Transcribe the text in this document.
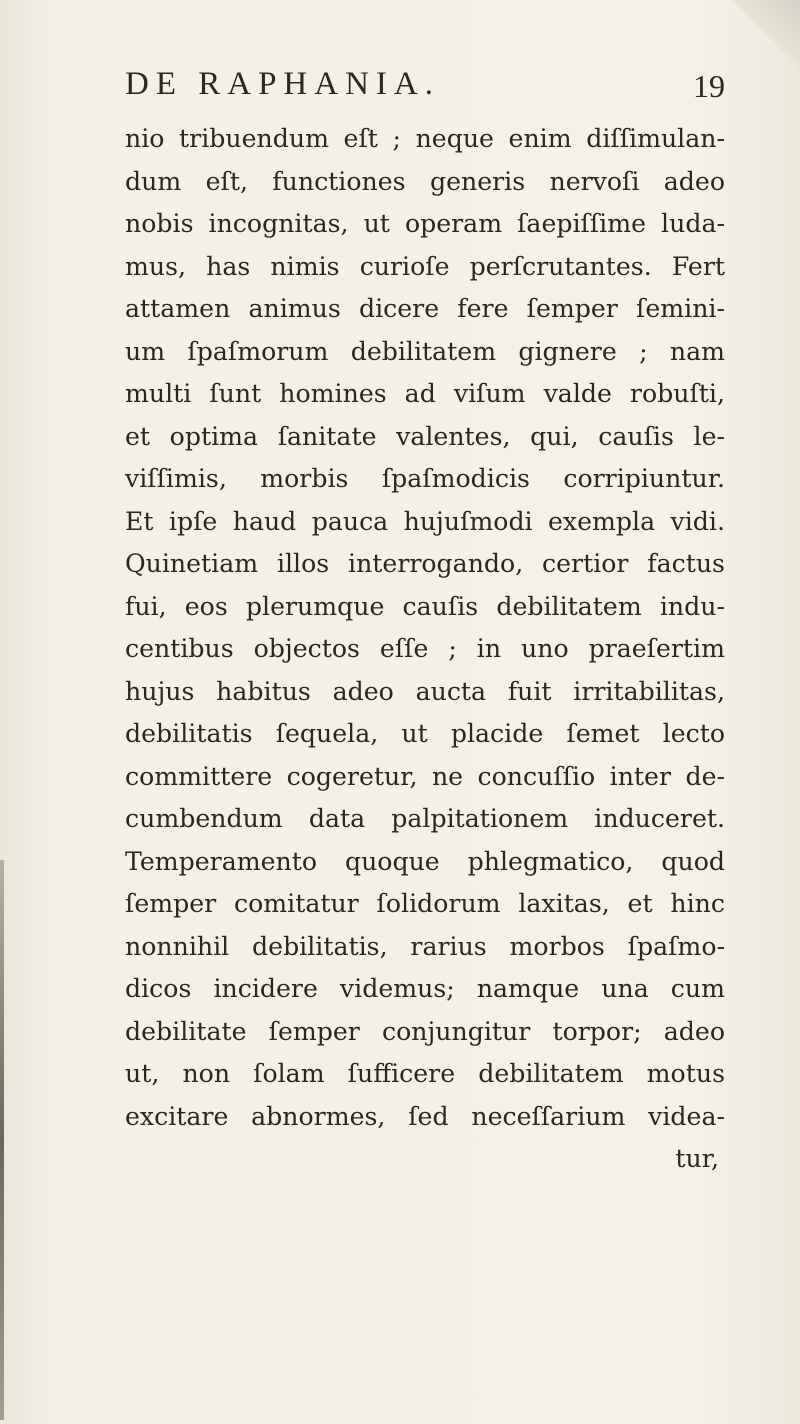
DE RAPHANIA.	19
nio tribuendum eſt ; neque enim diſſimulan-
dum eſt, functiones generis nervoſi adeo
nobis incognitas, ut operam ſaepiſſime luda-
mus, has nimis curioſe perſcrutantes. Fert
attamen animus dicere fere ſemper ſemini-
um ſpaſmorum debilitatem gignere ; nam
multi ſunt homines ad viſum valde robuſti,
et optima ſanitate valentes, qui, cauſis le-
viſſimis, morbis ſpaſmodicis corripiuntur.
Et ipſe haud pauca hujuſmodi exempla vidi.
Quinetiam illos interrogando, certior factus
fui, eos plerumque cauſis debilitatem indu-
centibus objectos eſſe ; in uno praeſertim
hujus habitus adeo aucta fuit irritabilitas,
debilitatis ſequela, ut placide ſemet lecto
committere cogeretur, ne concuſſio inter de-
cumbendum data palpitationem induceret.
Temperamento quoque phlegmatico, quod
ſemper comitatur ſolidorum laxitas, et hinc
nonnihil debilitatis, rarius morbos ſpaſmo-
dicos incidere videmus; namque una cum
debilitate ſemper conjungitur torpor; adeo
ut, non ſolam ſufficere debilitatem motus
excitare abnormes, ſed neceſſarium videa-
tur,
